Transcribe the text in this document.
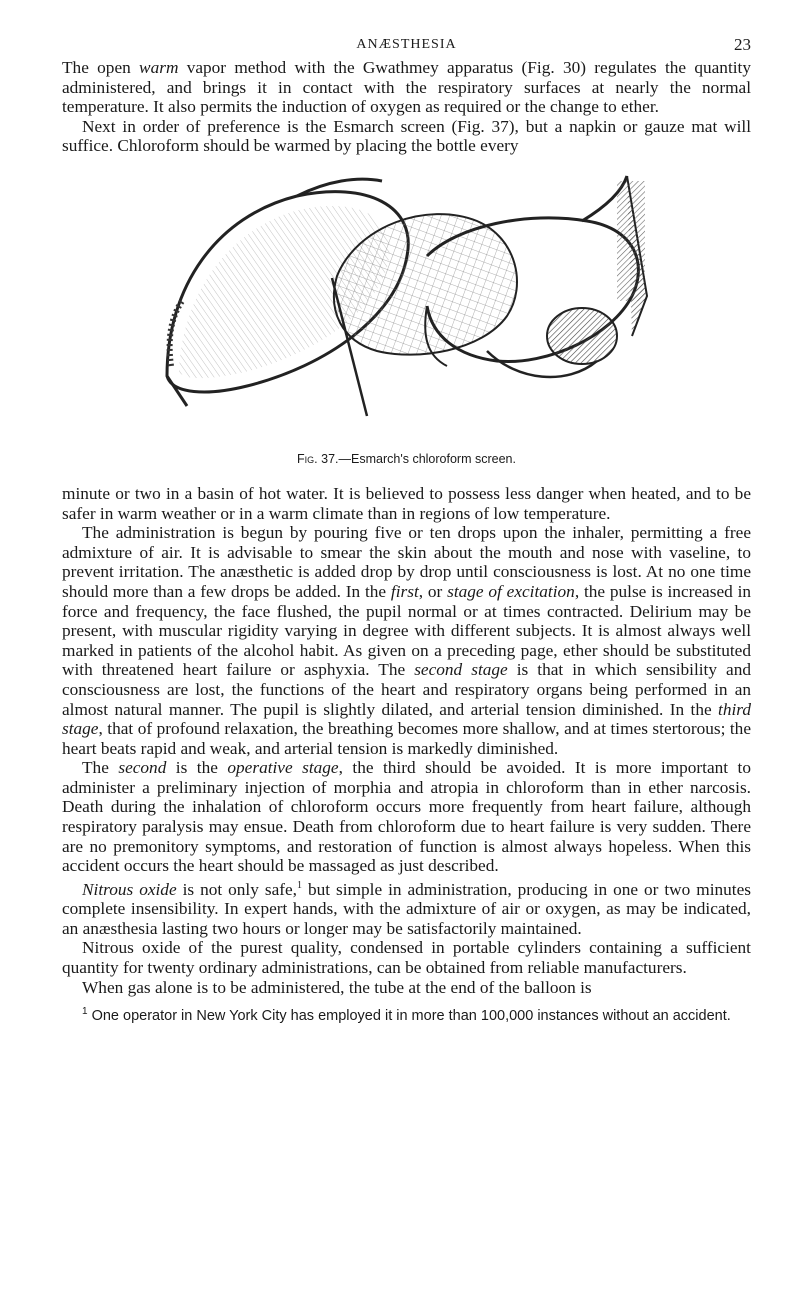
ANÆSTHESIA	23

The open warm vapor method with the Gwathmey apparatus (Fig. 30) regulates the quantity administered, and brings it in contact with the respiratory surfaces at nearly the normal temperature. It also permits the induction of oxygen as required or the change to ether.

Next in order of preference is the Esmarch screen (Fig. 37), but a napkin or gauze mat will suffice. Chloroform should be warmed by placing the bottle every

Fig. 37.—Esmarch's chloroform screen.

minute or two in a basin of hot water. It is believed to possess less danger when heated, and to be safer in warm weather or in a warm climate than in regions of low temperature.

The administration is begun by pouring five or ten drops upon the inhaler, permitting a free admixture of air. It is advisable to smear the skin about the mouth and nose with vaseline, to prevent irritation. The anæsthetic is added drop by drop until consciousness is lost. At no one time should more than a few drops be added. In the first, or stage of excitation, the pulse is increased in force and frequency, the face flushed, the pupil normal or at times contracted. Delirium may be present, with muscular rigidity varying in degree with different subjects. It is almost always well marked in patients of the alcohol habit. As given on a preceding page, ether should be substituted with threatened heart failure or asphyxia. The second stage is that in which sensibility and consciousness are lost, the functions of the heart and respiratory organs being performed in an almost natural manner. The pupil is slightly dilated, and arterial tension diminished. In the third stage, that of profound relaxation, the breathing becomes more shallow, and at times stertorous; the heart beats rapid and weak, and arterial tension is markedly diminished.

The second is the operative stage, the third should be avoided. It is more important to administer a preliminary injection of morphia and atropia in chloroform than in ether narcosis. Death during the inhalation of chloroform occurs more frequently from heart failure, although respiratory paralysis may ensue. Death from chloroform due to heart failure is very sudden. There are no premonitory symptoms, and restoration of function is almost always hopeless. When this accident occurs the heart should be massaged as just described.

Nitrous oxide is not only safe,$^1$ but simple in administration, producing in one or two minutes complete insensibility. In expert hands, with the admixture of air or oxygen, as may be indicated, an anæsthesia lasting two hours or longer may be satisfactorily maintained.

Nitrous oxide of the purest quality, condensed in portable cylinders containing a sufficient quantity for twenty ordinary administrations, can be obtained from reliable manufacturers.

When gas alone is to be administered, the tube at the end of the balloon is

$^1$ One operator in New York City has employed it in more than 100,000 instances without an accident.
